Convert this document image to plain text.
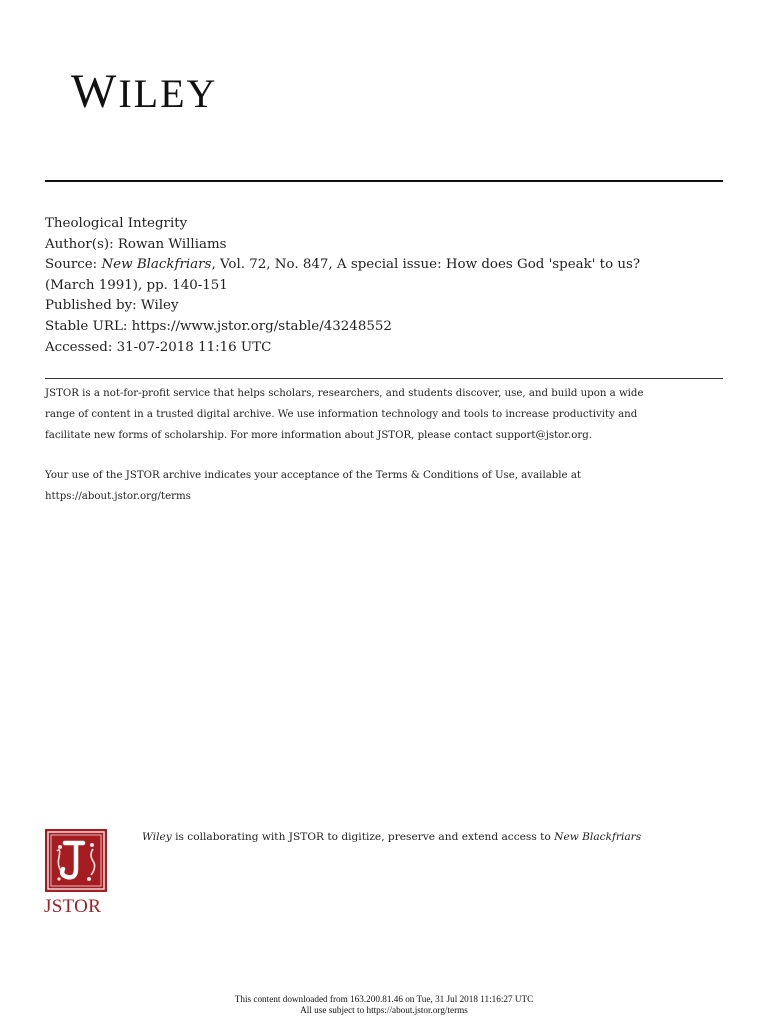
WILEY
Theological Integrity
Author(s): Rowan Williams
Source: New Blackfriars, Vol. 72, No. 847, A special issue: How does God 'speak' to us?
(March 1991), pp. 140-151
Published by: Wiley
Stable URL: https://www.jstor.org/stable/43248552
Accessed: 31-07-2018 11:16 UTC
JSTOR is a not-for-profit service that helps scholars, researchers, and students discover, use, and build upon a wide
range of content in a trusted digital archive. We use information technology and tools to increase productivity and
facilitate new forms of scholarship. For more information about JSTOR, please contact support@jstor.org.
Your use of the JSTOR archive indicates your acceptance of the Terms & Conditions of Use, available at
https://about.jstor.org/terms
JSTOR
Wiley is collaborating with JSTOR to digitize, preserve and extend access to New Blackfriars
This content downloaded from 163.200.81.46 on Tue, 31 Jul 2018 11:16:27 UTC
All use subject to https://about.jstor.org/terms
